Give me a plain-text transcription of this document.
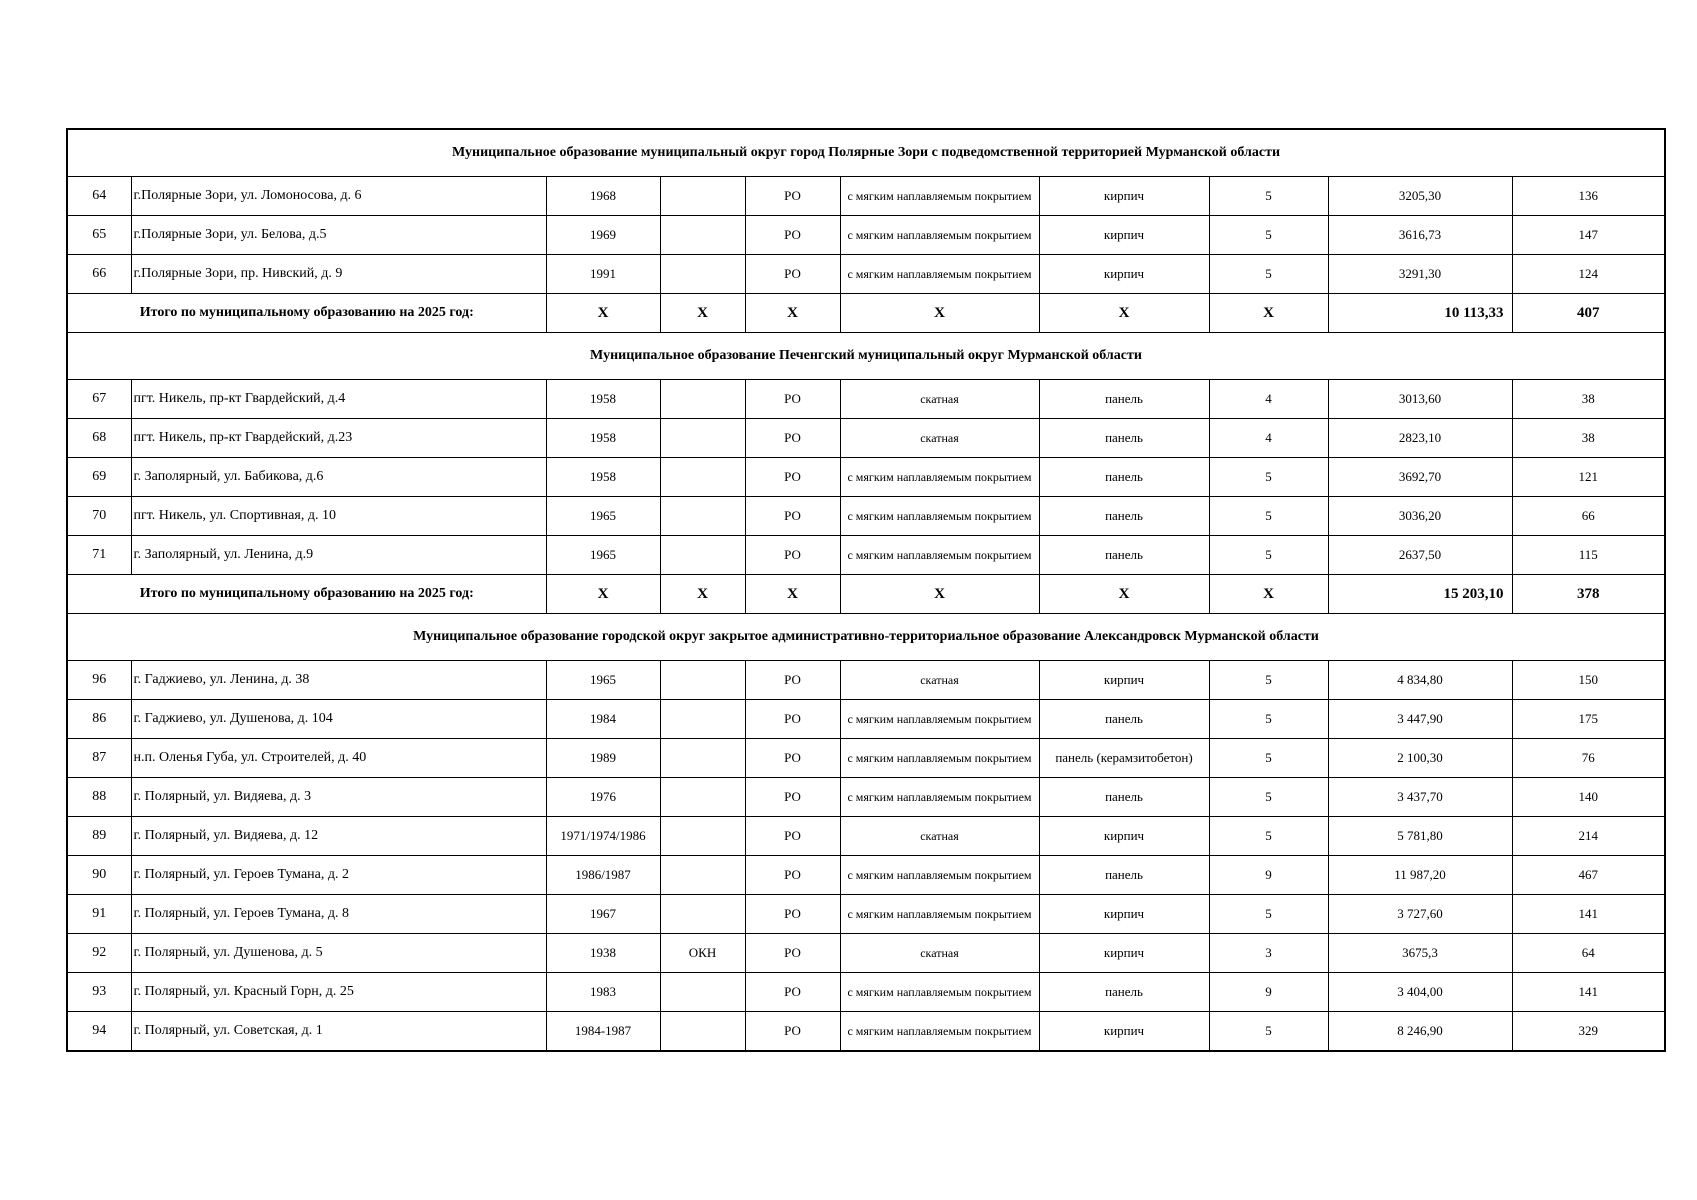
Муниципальное образование муниципальный округ город Полярные Зори с подведомственной территорией Мурманской области									
64	г.Полярные Зори, ул. Ломоносова, д. 6	1968		РО	с мягким наплавляемым покрытием	кирпич	5	3205,30	136
65	г.Полярные Зори, ул. Белова, д.5	1969		РО	с мягким наплавляемым покрытием	кирпич	5	3616,73	147
66	г.Полярные Зори, пр. Нивский, д. 9	1991		РО	с мягким наплавляемым покрытием	кирпич	5	3291,30	124
Итого по муниципальному образованию на 2025 год:		Х	Х	Х	Х	Х	Х	10 113,33	407
Муниципальное образование Печенгский муниципальный округ Мурманской области									
67	пгт. Никель, пр-кт Гвардейский, д.4	1958		РО	скатная	панель	4	3013,60	38
68	пгт. Никель, пр-кт Гвардейский, д.23	1958		РО	скатная	панель	4	2823,10	38
69	г. Заполярный, ул. Бабикова, д.6	1958		РО	с мягким наплавляемым покрытием	панель	5	3692,70	121
70	пгт. Никель, ул. Спортивная, д. 10	1965		РО	с мягким наплавляемым покрытием	панель	5	3036,20	66
71	г. Заполярный, ул. Ленина, д.9	1965		РО	с мягким наплавляемым покрытием	панель	5	2637,50	115
Итого по муниципальному образованию на 2025 год:		Х	Х	Х	Х	Х	Х	15 203,10	378
Муниципальное образование городской округ закрытое административно-территориальное образование Александровск Мурманской области									
96	г. Гаджиево, ул. Ленина, д. 38	1965		РО	скатная	кирпич	5	4 834,80	150
86	г. Гаджиево, ул. Душенова, д. 104	1984		РО	с мягким наплавляемым покрытием	панель	5	3 447,90	175
87	н.п. Оленья Губа, ул. Строителей, д. 40	1989		РО	с мягким наплавляемым покрытием	панель (керамзитобетон)	5	2 100,30	76
88	г. Полярный, ул. Видяева, д. 3	1976		РО	с мягким наплавляемым покрытием	панель	5	3 437,70	140
89	г. Полярный, ул. Видяева, д. 12	1971/1974/1986		РО	скатная	кирпич	5	5 781,80	214
90	г. Полярный, ул. Героев Тумана, д. 2	1986/1987		РО	с мягким наплавляемым покрытием	панель	9	11 987,20	467
91	г. Полярный, ул. Героев Тумана, д. 8	1967		РО	с мягким наплавляемым покрытием	кирпич	5	3 727,60	141
92	г. Полярный, ул. Душенова, д. 5	1938	ОКН	РО	скатная	кирпич	3	3675,3	64
93	г. Полярный, ул. Красный Горн, д. 25	1983		РО	с мягким наплавляемым покрытием	панель	9	3 404,00	141
94	г. Полярный, ул. Советская, д. 1	1984-1987		РО	с мягким наплавляемым покрытием	кирпич	5	8 246,90	329
